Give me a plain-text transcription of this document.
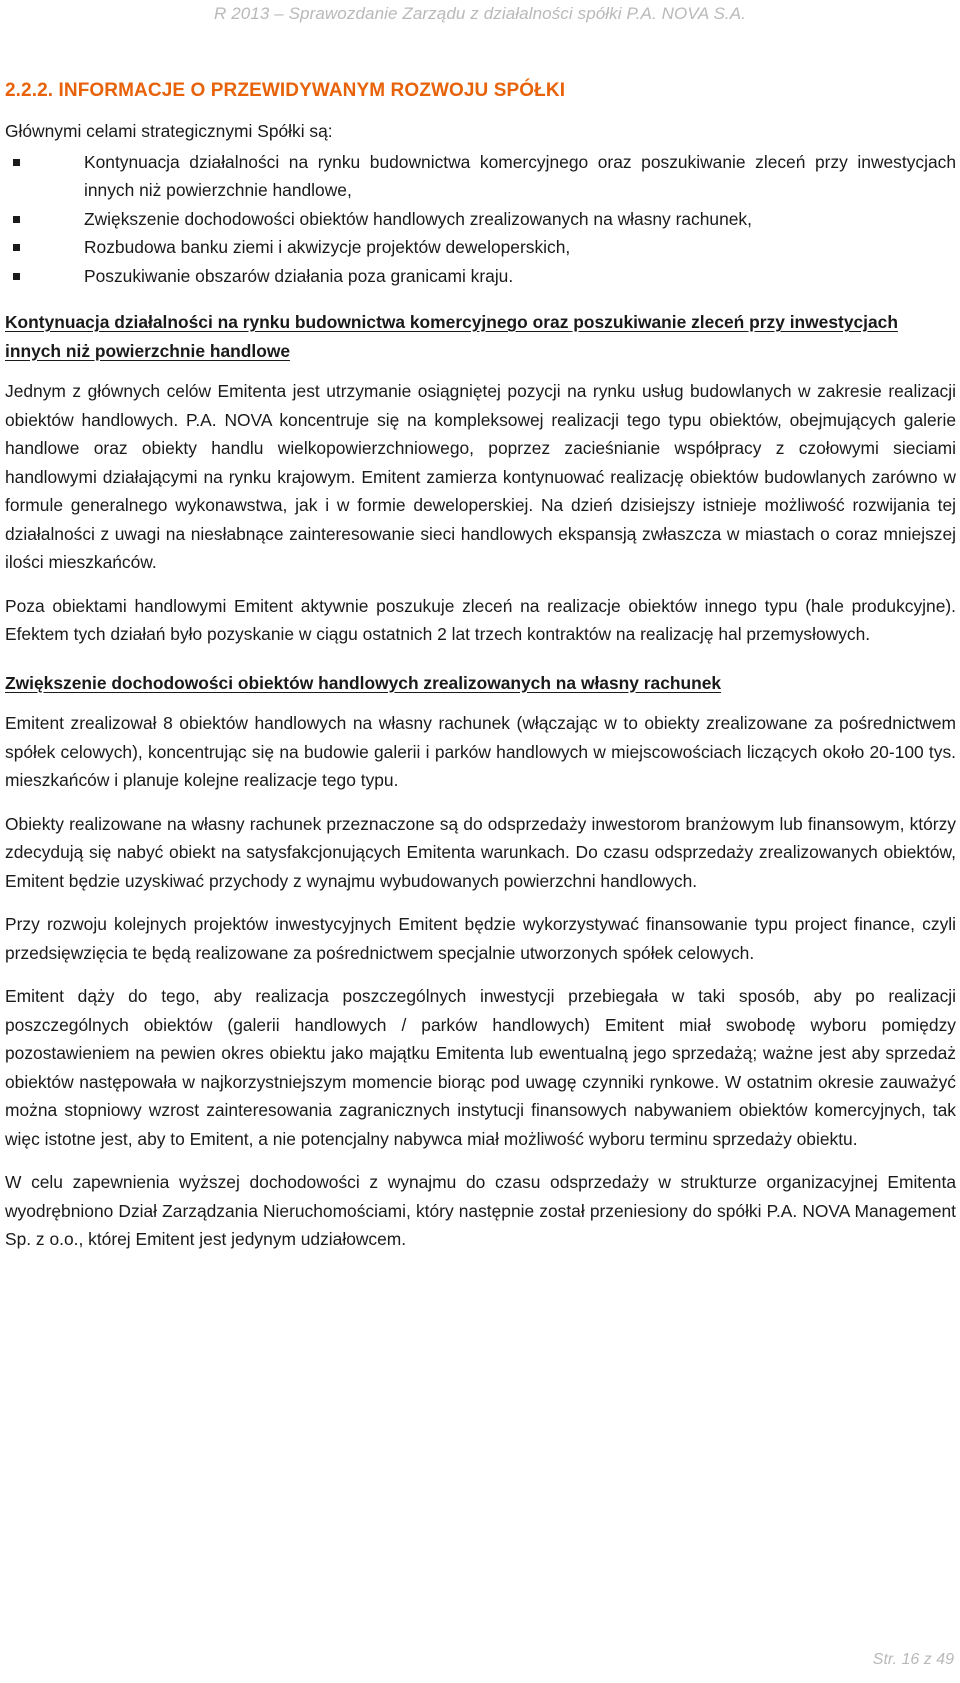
R 2013 – Sprawozdanie Zarządu z działalności spółki P.A. NOVA S.A.
2.2.2. INFORMACJE O PRZEWIDYWANYM ROZWOJU SPÓŁKI

Głównymi celami strategicznymi Spółki są:

Kontynuacja działalności na rynku budownictwa komercyjnego oraz poszukiwanie zleceń przy inwestycjach innych niż powierzchnie handlowe,
Zwiększenie dochodowości obiektów handlowych zrealizowanych na własny rachunek,
Rozbudowa banku ziemi i akwizycje projektów deweloperskich,
Poszukiwanie obszarów działania poza granicami kraju.
Kontynuacja działalności na rynku budownictwa komercyjnego oraz poszukiwanie zleceń przy inwestycjach innych niż powierzchnie handlowe

Jednym z głównych celów Emitenta jest utrzymanie osiągniętej pozycji na rynku usług budowlanych w zakresie realizacji obiektów handlowych. P.A. NOVA koncentruje się na kompleksowej realizacji tego typu obiektów, obejmujących galerie handlowe oraz obiekty handlu wielkopowierzchniowego, poprzez zacieśnianie współpracy z czołowymi sieciami handlowymi działającymi na rynku krajowym. Emitent zamierza kontynuować realizację obiektów budowlanych zarówno w formule generalnego wykonawstwa, jak i w formie deweloperskiej. Na dzień dzisiejszy istnieje możliwość rozwijania tej działalności z uwagi na niesłabnące zainteresowanie sieci handlowych ekspansją zwłaszcza w miastach o coraz mniejszej ilości mieszkańców.

Poza obiektami handlowymi Emitent aktywnie poszukuje zleceń na realizacje obiektów innego typu (hale produkcyjne). Efektem tych działań było pozyskanie w ciągu ostatnich 2 lat trzech kontraktów na realizację hal przemysłowych.

Zwiększenie dochodowości obiektów handlowych zrealizowanych na własny rachunek

Emitent zrealizował 8 obiektów handlowych na własny rachunek (włączając w to obiekty zrealizowane za pośrednictwem spółek celowych), koncentrując się na budowie galerii i parków handlowych w miejscowościach liczących około 20-100 tys. mieszkańców i planuje kolejne realizacje tego typu.

Obiekty realizowane na własny rachunek przeznaczone są do odsprzedaży inwestorom branżowym lub finansowym, którzy zdecydują się nabyć obiekt na satysfakcjonujących Emitenta warunkach. Do czasu odsprzedaży zrealizowanych obiektów, Emitent będzie uzyskiwać przychody z wynajmu wybudowanych powierzchni handlowych.

Przy rozwoju kolejnych projektów inwestycyjnych Emitent będzie wykorzystywać finansowanie typu project finance, czyli przedsięwzięcia te będą realizowane za pośrednictwem specjalnie utworzonych spółek celowych.

Emitent dąży do tego, aby realizacja poszczególnych inwestycji przebiegała w taki sposób, aby po realizacji poszczególnych obiektów (galerii handlowych / parków handlowych) Emitent miał swobodę wyboru pomiędzy pozostawieniem na pewien okres obiektu jako majątku Emitenta lub ewentualną jego sprzedażą; ważne jest aby sprzedaż obiektów następowała w najkorzystniejszym momencie biorąc pod uwagę czynniki rynkowe. W ostatnim okresie zauważyć można stopniowy wzrost zainteresowania zagranicznych instytucji finansowych nabywaniem obiektów komercyjnych, tak więc istotne jest, aby to Emitent, a nie potencjalny nabywca miał możliwość wyboru terminu sprzedaży obiektu.

W celu zapewnienia wyższej dochodowości z wynajmu do czasu odsprzedaży w strukturze organizacyjnej Emitenta wyodrębniono Dział Zarządzania Nieruchomościami, który następnie został przeniesiony do spółki P.A. NOVA Management Sp. z o.o., której Emitent jest jedynym udziałowcem.

Str. 16 z 49
